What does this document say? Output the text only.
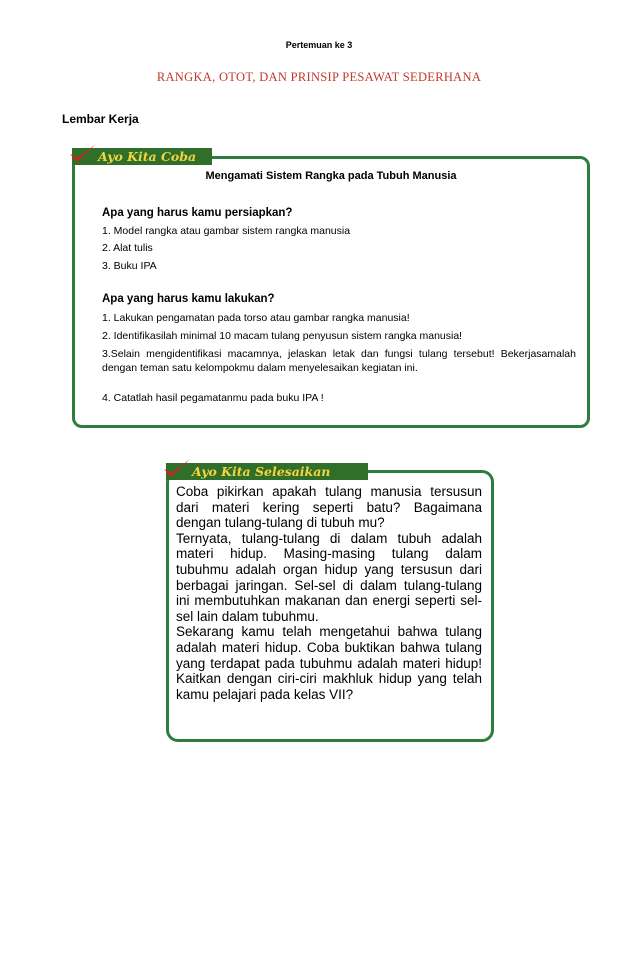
Pertemuan ke 3
RANGKA, OTOT, DAN PRINSIP PESAWAT SEDERHANA
Lembar Kerja
Ayo Kita Coba
Mengamati Sistem Rangka pada Tubuh Manusia
Apa yang harus kamu persiapkan?
1. Model rangka atau gambar sistem rangka manusia
2. Alat tulis
3. Buku IPA
Apa yang harus kamu lakukan?
1. Lakukan pengamatan pada torso atau gambar rangka manusia!
2. Identifikasilah minimal 10 macam tulang penyusun sistem rangka manusia!
3.Selain mengidentifikasi macamnya, jelaskan letak dan fungsi tulang tersebut! Bekerjasamalah dengan teman satu kelompokmu dalam menyelesaikan kegiatan ini.
4. Catatlah hasil pegamatanmu pada buku IPA !
Ayo Kita Selesaikan

Coba pikirkan apakah tulang manusia tersusun dari materi kering seperti batu? Bagaimana dengan tulang-tulang di tubuh mu?

Ternyata, tulang-tulang di dalam tubuh adalah materi hidup. Masing-masing tulang dalam tubuhmu adalah organ hidup yang tersusun dari berbagai jaringan. Sel-sel di dalam tulang-tulang ini membutuhkan makanan dan energi seperti sel-sel lain dalam tubuhmu.

Sekarang kamu telah mengetahui bahwa tulang adalah materi hidup. Coba buktikan bahwa tulang yang terdapat pada tubuhmu adalah materi hidup! Kaitkan dengan ciri-ciri makhluk hidup yang telah kamu pelajari pada kelas VII?
